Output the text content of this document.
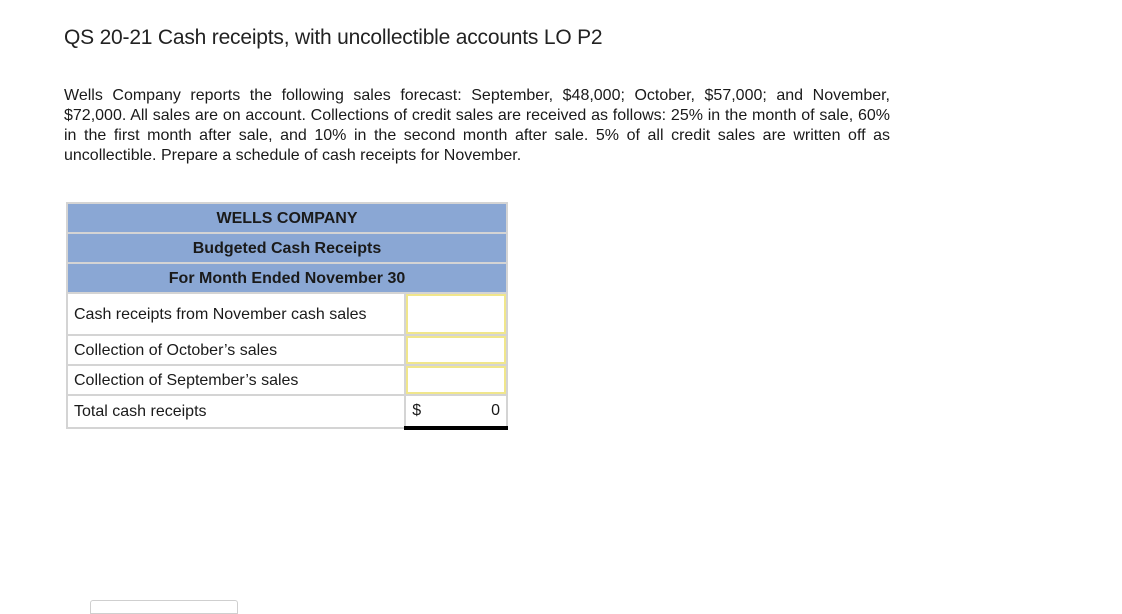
QS 20-21 Cash receipts, with uncollectible accounts LO P2

Wells Company reports the following sales forecast: September, $48,000; October, $57,000; and November, $72,000. All sales are on account. Collections of credit sales are received as follows: 25% in the month of sale, 60% in the first month after sale, and 10% in the second month after sale. 5% of all credit sales are written off as uncollectible. Prepare a schedule of cash receipts for November.

WELLS COMPANY	
Budgeted Cash Receipts	
For Month Ended November 30	
Cash receipts from November cash sales	

Collection of October’s sales	

Collection of September’s sales	

Total cash receipts	$ 0
